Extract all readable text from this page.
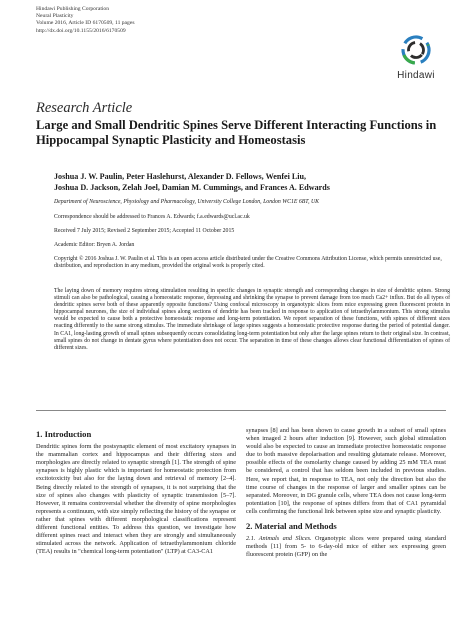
Hindawi Publishing Corporation
Neural Plasticity
Volume 2016, Article ID 6170509, 11 pages
http://dx.doi.org/10.1155/2016/6170509
Hindawi
Research Article
Large and Small Dendritic Spines Serve Different Interacting Functions in Hippocampal Synaptic Plasticity and Homeostasis
Joshua J. W. Paulin, Peter Haslehurst, Alexander D. Fellows, Wenfei Liu,
Joshua D. Jackson, Zelah Joel, Damian M. Cummings, and Frances A. Edwards
Department of Neuroscience, Physiology and Pharmacology, University College London, London WC1E 6BT, UK
Correspondence should be addressed to Frances A. Edwards; f.a.edwards@ucl.ac.uk
Received 7 July 2015; Revised 2 September 2015; Accepted 11 October 2015
Academic Editor: Bryen A. Jordan
Copyright © 2016 Joshua J. W. Paulin et al. This is an open access article distributed under the Creative Commons Attribution License, which permits unrestricted use, distribution, and reproduction in any medium, provided the original work is properly cited.
The laying down of memory requires strong stimulation resulting in specific changes in synaptic strength and corresponding changes in size of dendritic spines. Strong stimuli can also be pathological, causing a homeostatic response, depressing and shrinking the synapse to prevent damage from too much Ca2+ influx. But do all types of dendritic spines serve both of these apparently opposite functions? Using confocal microscopy in organotypic slices from mice expressing green fluorescent protein in hippocampal neurones, the size of individual spines along sections of dendrite has been tracked in response to application of tetraethylammonium. This strong stimulus would be expected to cause both a protective homeostatic response and long-term potentiation. We report separation of these functions, with spines of different sizes reacting differently to the same strong stimulus. The immediate shrinkage of large spines suggests a homeostatic protective response during the period of potential danger. In CA1, long-lasting growth of small spines subsequently occurs consolidating long-term potentiation but only after the large spines return to their original size. In contrast, small spines do not change in dentate gyrus where potentiation does not occur. The separation in time of these changes allows clear functional differentiation of spines of different sizes.
1. Introduction

Dendritic spines form the postsynaptic element of most excitatory synapses in the mammalian cortex and hippocampus and their differing sizes and morphologies are directly related to synaptic strength [1]. The strength of spine synapses is highly plastic which is important for homeostatic protection from excitotoxicity but also for the laying down and retrieval of memory [2–4]. Being directly related to the strength of synapses, it is not surprising that the size of spines also changes with plasticity of synaptic transmission [5–7]. However, it remains controversial whether the diversity of spine morphologies represents a continuum, with size simply reflecting the history of the synapse or rather that spines with different morphological classifications represent different functional entities. To address this question, we investigate how different spines react and interact when they are strongly and simultaneously stimulated across the network. Application of tetraethylammonium chloride (TEA) results in "chemical long-term potentiation" (LTP) at CA3-CA1

synapses [8] and has been shown to cause growth in a subset of small spines when imaged 2 hours after induction [9]. However, such global stimulation would also be expected to cause an immediate protective homeostatic response due to both massive depolarisation and resulting glutamate release. Moreover, possible effects of the osmolarity change caused by adding 25 mM TEA must be considered, a control that has seldom been included in previous studies. Here, we report that, in response to TEA, not only the direction but also the time course of changes in the response of larger and smaller spines can be separated. Moreover, in DG granule cells, where TEA does not cause long-term potentiation [10], the response of spines differs from that of CA1 pyramidal cells confirming the functional link between spine size and synaptic plasticity.

2. Material and Methods

2.1. Animals and Slices. Organotypic slices were prepared using standard methods [11] from 5- to 6-day-old mice of either sex expressing green fluorescent protein (GFP) on the
